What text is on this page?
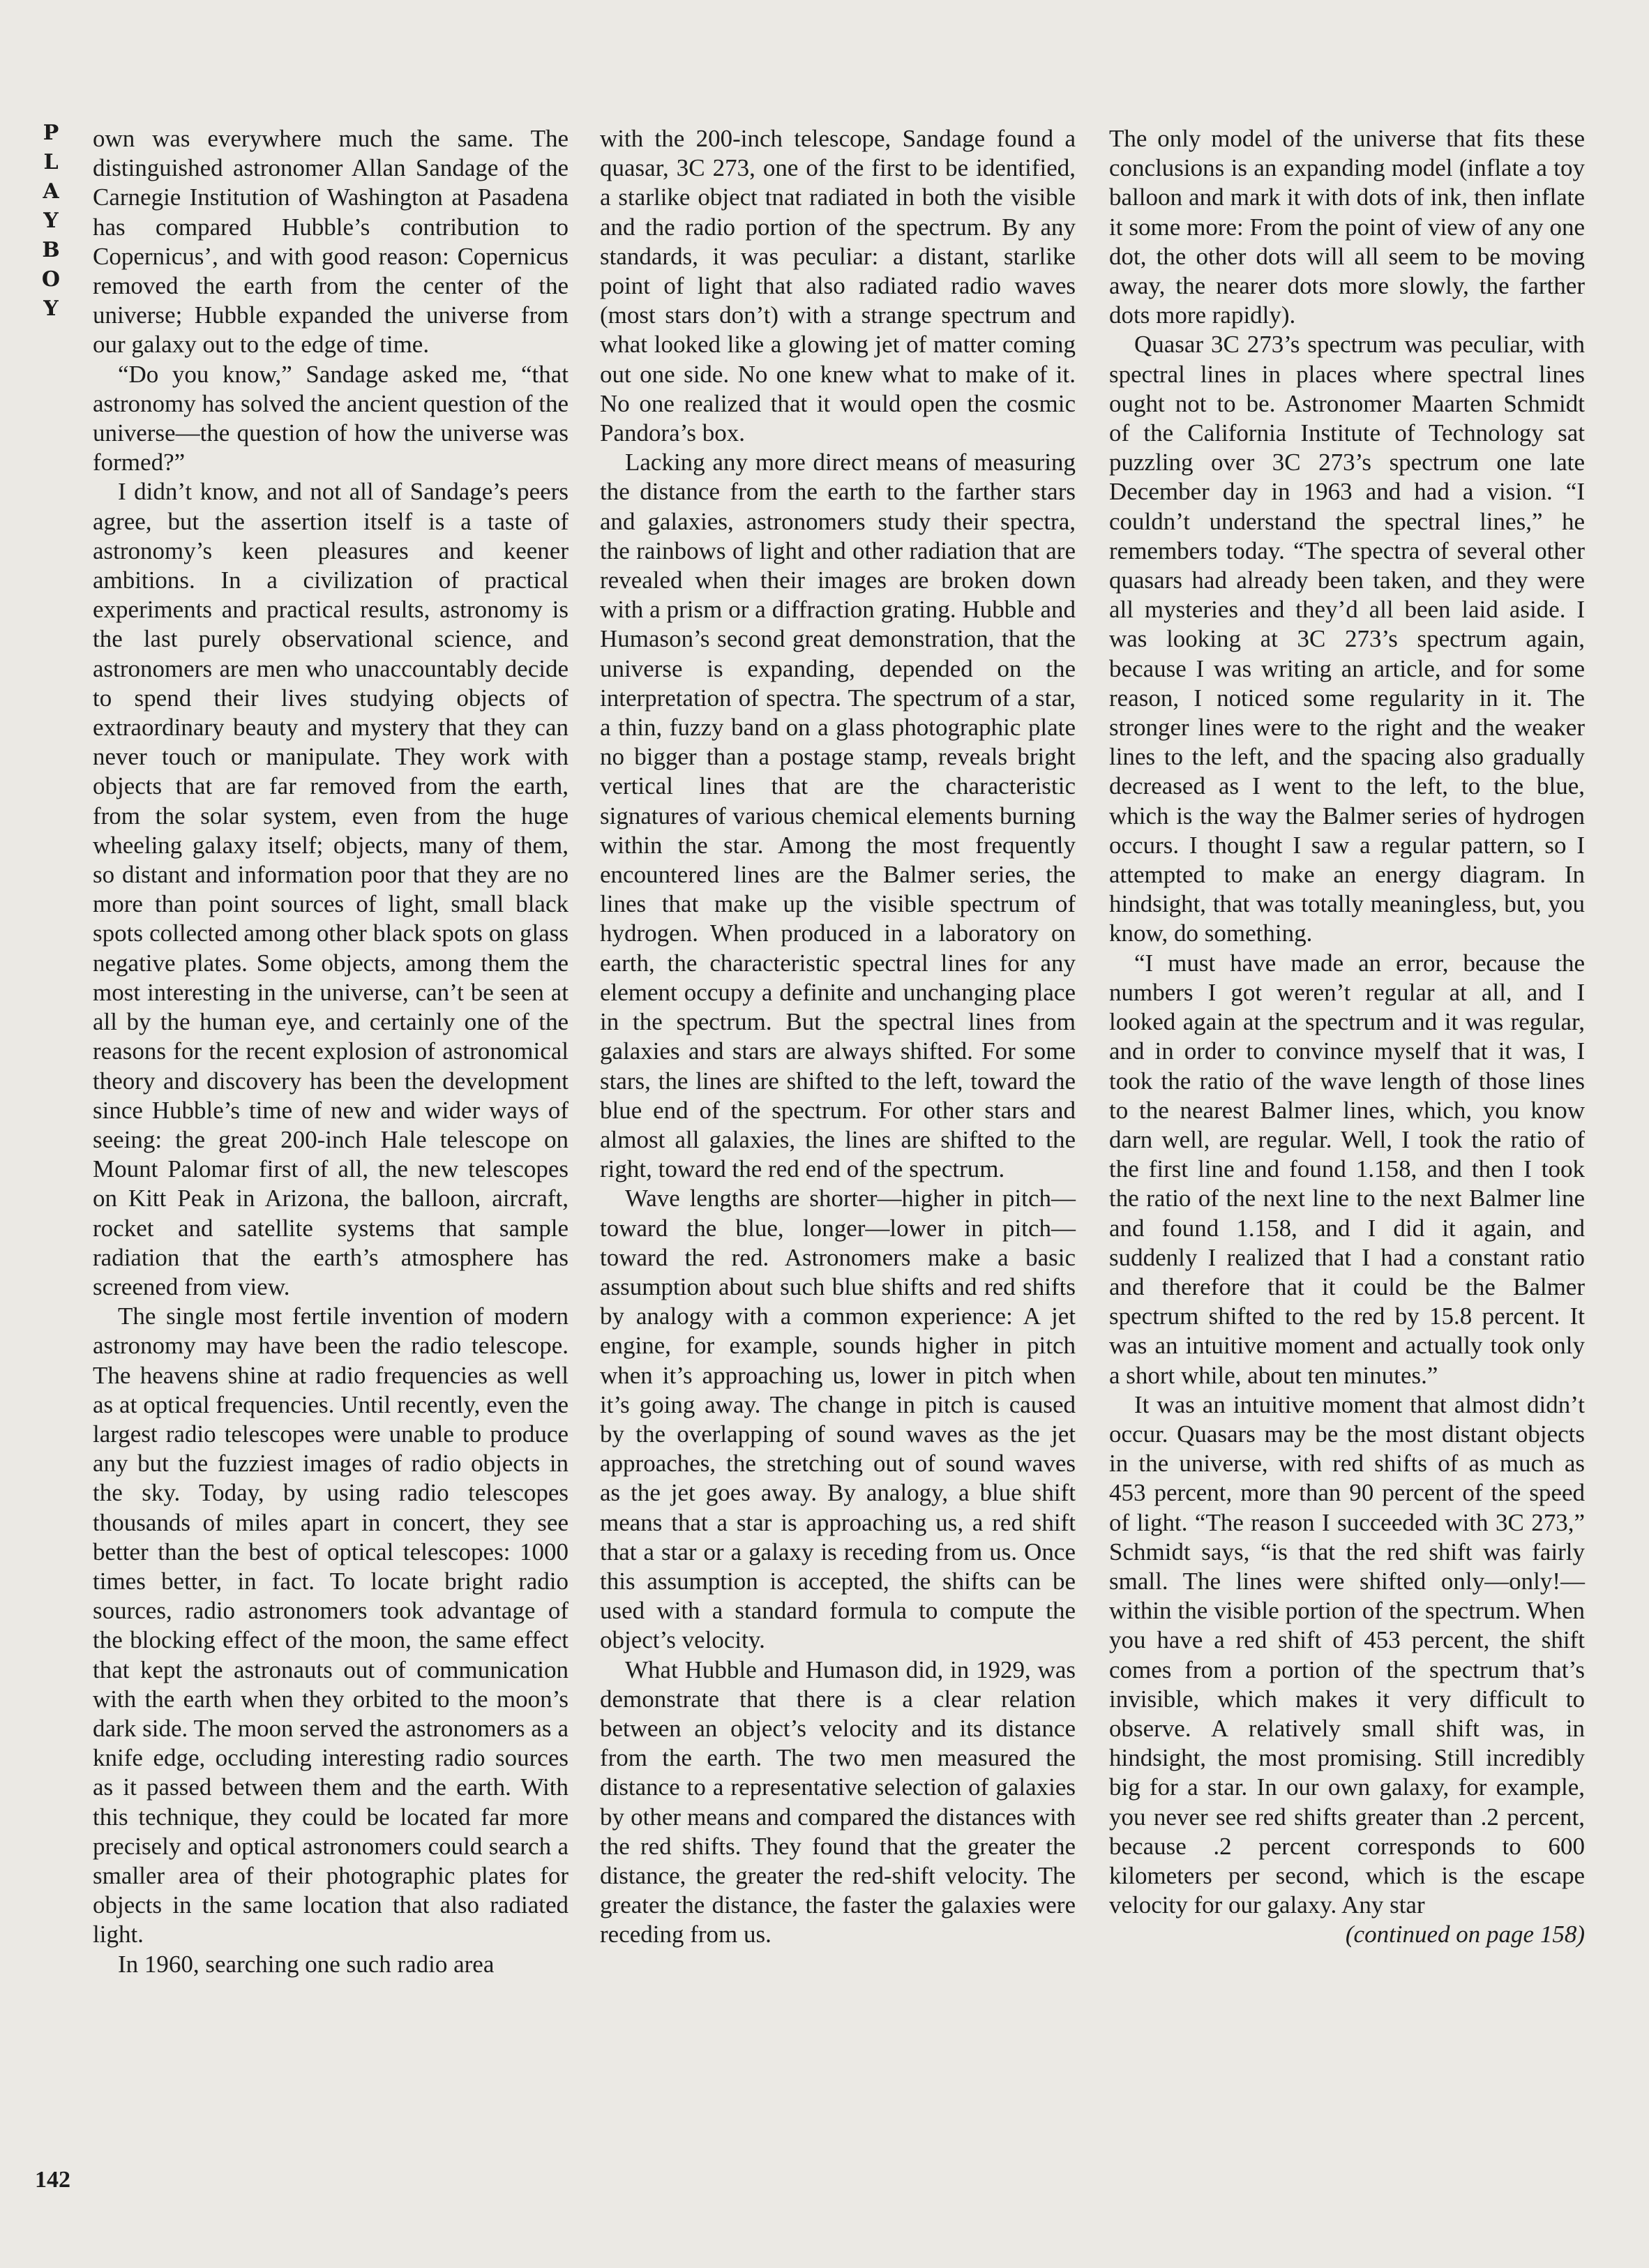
P
L
A
Y
B
O
Y
142

own was everywhere much the same. The distinguished astronomer Allan Sandage of the Carnegie Institution of Washington at Pasadena has compared Hubble’s contribution to Copernicus’, and with good reason: Copernicus removed the earth from the center of the universe; Hubble expanded the universe from our galaxy out to the edge of time.

“Do you know,” Sandage asked me, “that astronomy has solved the ancient question of the universe—the question of how the universe was formed?”

I didn’t know, and not all of Sandage’s peers agree, but the assertion itself is a taste of astronomy’s keen pleasures and keener ambitions. In a civilization of practical experiments and practical results, astronomy is the last purely observational science, and astronomers are men who unaccountably decide to spend their lives studying objects of extraordinary beauty and mystery that they can never touch or manipulate. They work with objects that are far removed from the earth, from the solar system, even from the huge wheeling galaxy itself; objects, many of them, so distant and information poor that they are no more than point sources of light, small black spots collected among other black spots on glass negative plates. Some objects, among them the most interesting in the universe, can’t be seen at all by the human eye, and certainly one of the reasons for the recent explosion of astronomical theory and discovery has been the development since Hubble’s time of new and wider ways of seeing: the great 200-inch Hale telescope on Mount Palomar first of all, the new telescopes on Kitt Peak in Arizona, the balloon, aircraft, rocket and satellite systems that sample radiation that the earth’s atmosphere has screened from view.

The single most fertile invention of modern astronomy may have been the radio telescope. The heavens shine at radio frequencies as well as at optical frequencies. Until recently, even the largest radio telescopes were unable to produce any but the fuzziest images of radio objects in the sky. Today, by using radio telescopes thousands of miles apart in concert, they see better than the best of optical telescopes: 1000 times better, in fact. To locate bright radio sources, radio astronomers took advantage of the blocking effect of the moon, the same effect that kept the astronauts out of communication with the earth when they orbited to the moon’s dark side. The moon served the astronomers as a knife edge, occluding interesting radio sources as it passed between them and the earth. With this technique, they could be located far more precisely and optical astronomers could search a smaller area of their photographic plates for objects in the same location that also radiated light.

In 1960, searching one such radio area

with the 200-inch telescope, Sandage found a quasar, 3C 273, one of the first to be identified, a starlike object tnat radiated in both the visible and the radio portion of the spectrum. By any standards, it was peculiar: a distant, starlike point of light that also radiated radio waves (most stars don’t) with a strange spectrum and what looked like a glowing jet of matter coming out one side. No one knew what to make of it. No one realized that it would open the cosmic Pandora’s box.

Lacking any more direct means of measuring the distance from the earth to the farther stars and galaxies, astronomers study their spectra, the rainbows of light and other radiation that are revealed when their images are broken down with a prism or a diffraction grating. Hubble and Humason’s second great demonstration, that the universe is expanding, depended on the interpretation of spectra. The spectrum of a star, a thin, fuzzy band on a glass photographic plate no bigger than a postage stamp, reveals bright vertical lines that are the characteristic signatures of various chemical elements burning within the star. Among the most frequently encountered lines are the Balmer series, the lines that make up the visible spectrum of hydrogen. When produced in a laboratory on earth, the characteristic spectral lines for any element occupy a definite and unchanging place in the spectrum. But the spectral lines from galaxies and stars are always shifted. For some stars, the lines are shifted to the left, toward the blue end of the spectrum. For other stars and almost all galaxies, the lines are shifted to the right, toward the red end of the spectrum.

Wave lengths are shorter—higher in pitch—toward the blue, longer—lower in pitch—toward the red. Astronomers make a basic assumption about such blue shifts and red shifts by analogy with a common experience: A jet engine, for example, sounds higher in pitch when it’s approaching us, lower in pitch when it’s going away. The change in pitch is caused by the overlapping of sound waves as the jet approaches, the stretching out of sound waves as the jet goes away. By analogy, a blue shift means that a star is approaching us, a red shift that a star or a galaxy is receding from us. Once this assumption is accepted, the shifts can be used with a standard formula to compute the object’s velocity.

What Hubble and Humason did, in 1929, was demonstrate that there is a clear relation between an object’s velocity and its distance from the earth. The two men measured the distance to a representative selection of galaxies by other means and compared the distances with the red shifts. They found that the greater the distance, the greater the red-shift velocity. The greater the distance, the faster the galaxies were receding from us.

The only model of the universe that fits these conclusions is an expanding model (inflate a toy balloon and mark it with dots of ink, then inflate it some more: From the point of view of any one dot, the other dots will all seem to be moving away, the nearer dots more slowly, the farther dots more rapidly).

Quasar 3C 273’s spectrum was peculiar, with spectral lines in places where spectral lines ought not to be. Astronomer Maarten Schmidt of the California Institute of Technology sat puzzling over 3C 273’s spectrum one late December day in 1963 and had a vision. “I couldn’t understand the spectral lines,” he remembers today. “The spectra of several other quasars had already been taken, and they were all mysteries and they’d all been laid aside. I was looking at 3C 273’s spectrum again, because I was writing an article, and for some reason, I noticed some regularity in it. The stronger lines were to the right and the weaker lines to the left, and the spacing also gradually decreased as I went to the left, to the blue, which is the way the Balmer series of hydrogen occurs. I thought I saw a regular pattern, so I attempted to make an energy diagram. In hindsight, that was totally meaningless, but, you know, do something.

“I must have made an error, because the numbers I got weren’t regular at all, and I looked again at the spectrum and it was regular, and in order to convince myself that it was, I took the ratio of the wave length of those lines to the nearest Balmer lines, which, you know darn well, are regular. Well, I took the ratio of the first line and found 1.158, and then I took the ratio of the next line to the next Balmer line and found 1.158, and I did it again, and suddenly I realized that I had a constant ratio and therefore that it could be the Balmer spectrum shifted to the red by 15.8 percent. It was an intuitive moment and actually took only a short while, about ten minutes.”

It was an intuitive moment that almost didn’t occur. Quasars may be the most distant objects in the universe, with red shifts of as much as 453 percent, more than 90 percent of the speed of light. “The reason I succeeded with 3C 273,” Schmidt says, “is that the red shift was fairly small. The lines were shifted only—only!—within the visible portion of the spectrum. When you have a red shift of 453 percent, the shift comes from a portion of the spectrum that’s invisible, which makes it very difficult to observe. A relatively small shift was, in hindsight, the most promising. Still incredibly big for a star. In our own galaxy, for example, you never see red shifts greater than .2 percent, because .2 percent corresponds to 600 kilometers per second, which is the escape velocity for our galaxy. Any star

(continued on page 158)
